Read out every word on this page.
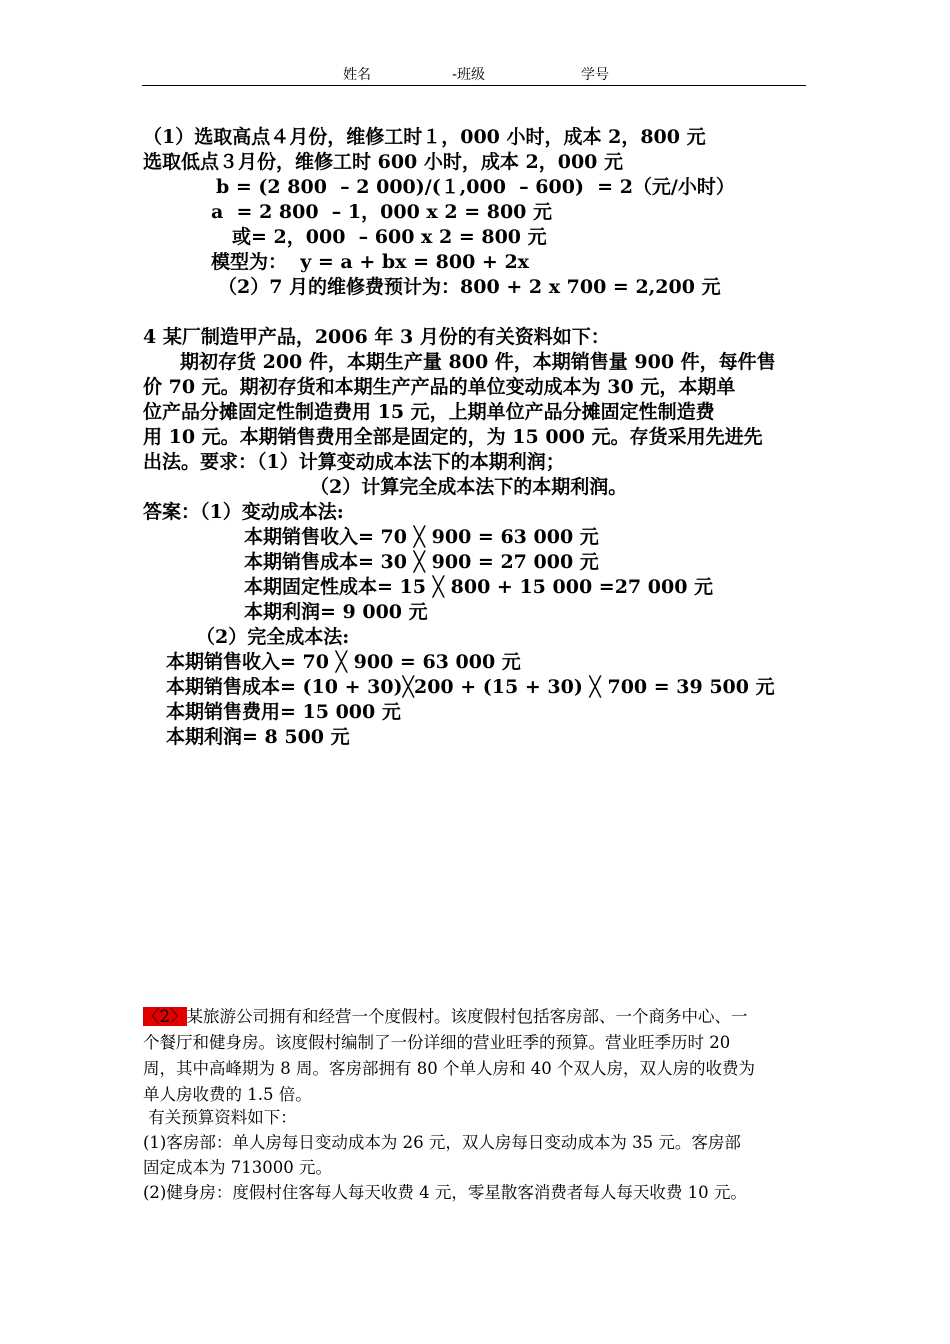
姓名	-班级	学号
（1）选取高点４月份，维修工时１，000 小时，成本 2，800 元
选取低点３月份，维修工时 600 小时，成本 2，000 元
b = (2 800  – 2 000)/(１,000  – 600)  = 2（元/小时）
a  = 2 800  – 1，000 x 2 = 800 元
或= 2，000  – 600 x 2 = 800 元
模型为：  y = a + bx = 800 + 2x
（2）7 月的维修费预计为：800 + 2 x 700 = 2,200 元
4 某厂制造甲产品，2006 年 3 月份的有关资料如下：
期初存货 200 件，本期生产量 800 件，本期销售量 900 件，每件售
价 70 元。期初存货和本期生产产品的单位变动成本为 30 元，本期单
位产品分摊固定性制造费用 15 元，上期单位产品分摊固定性制造费
用 10 元。本期销售费用全部是固定的，为 15 000 元。存货采用先进先
出法。要求：（1）计算变动成本法下的本期利润；
（2）计算完全成本法下的本期利润。
答案：（1）变动成本法:
本期销售收入= 70 ╳ 900 = 63 000 元
本期销售成本= 30 ╳ 900 = 27 000 元
本期固定性成本= 15 ╳ 800 + 15 000 =27 000 元
本期利润= 9 000 元
（2）完全成本法:
本期销售收入= 70 ╳ 900 = 63 000 元
本期销售成本= (10 + 30)╳200 + (15 + 30) ╳ 700 = 39 500 元
本期销售费用= 15 000 元
本期利润= 8 500 元
〈2〉某旅游公司拥有和经营一个度假村。该度假村包括客房部、一个商务中心、一
个餐厅和健身房。该度假村编制了一份详细的营业旺季的预算。营业旺季历时 20
周，其中高峰期为 8 周。客房部拥有 80 个单人房和 40 个双人房，双人房的收费为
单人房收费的 1.5 倍。
有关预算资料如下：
(1)客房部：单人房每日变动成本为 26 元，双人房每日变动成本为 35 元。客房部
固定成本为 713000 元。
(2)健身房：度假村住客每人每天收费 4 元，零星散客消费者每人每天收费 10 元。
